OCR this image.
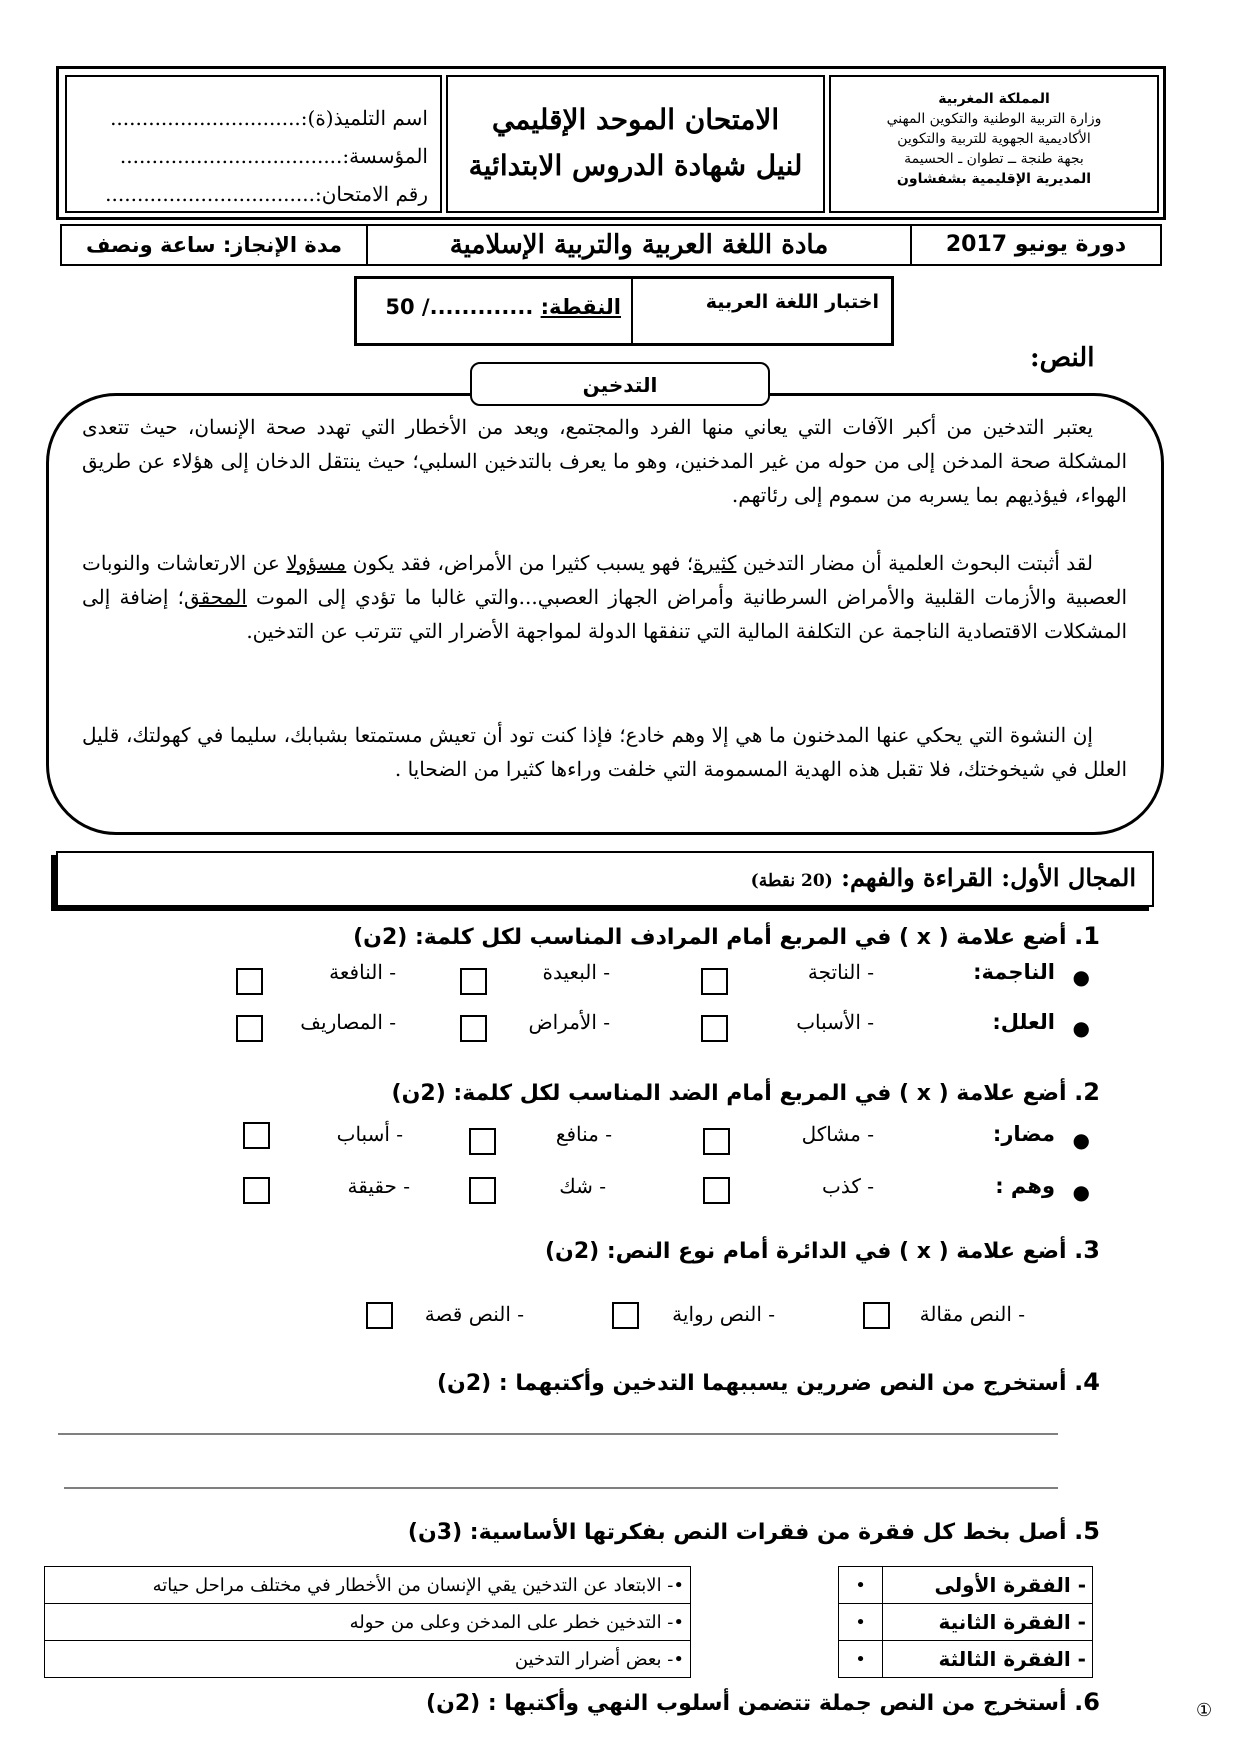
المملكة المغربية
وزارة التربية الوطنية والتكوين المهني
الأكاديمية الجهوية للتربية والتكوين
بجهة طنجة ــ تطوان ـ الحسيمة
المديرية الإقليمية بشفشاون
الامتحان الموحد الإقليمي
لنيل شهادة الدروس الابتدائية
اسم التلميذ(ة):..............................
المؤسسة:...................................
رقم الامتحان:.................................
دورة يونيو 2017
مادة اللغة العربية والتربية الإسلامية
مدة الإنجاز: ساعة ونصف
اختبار اللغة العربية
النقطة: ............./ 50
النص:
التدخين

يعتبر التدخين من أكبر الآفات التي يعاني منها الفرد والمجتمع، ويعد من الأخطار التي تهدد صحة الإنسان، حيث تتعدى المشكلة صحة المدخن إلى من حوله من غير المدخنين، وهو ما يعرف بالتدخين السلبي؛ حيث ينتقل الدخان إلى هؤلاء عن طريق الهواء، فيؤذيهم بما يسربه من سموم إلى رئاتهم.

لقد أثبتت البحوث العلمية أن مضار التدخين كثيرة؛ فهو يسبب كثيرا من الأمراض، فقد يكون مسؤولا عن الارتعاشات والنوبات العصبية والأزمات القلبية والأمراض السرطانية وأمراض الجهاز العصبي...والتي غالبا ما تؤدي إلى الموت المحقق؛ إضافة إلى المشكلات الاقتصادية الناجمة عن التكلفة المالية التي تنفقها الدولة لمواجهة الأضرار التي تترتب عن التدخين.

إن النشوة التي يحكي عنها المدخنون ما هي إلا وهم خادع؛ فإذا كنت تود أن تعيش مستمتعا بشبابك، سليما في كهولتك، قليل العلل في شيخوختك، فلا تقبل هذه الهدية المسمومة التي خلفت وراءها كثيرا من الضحايا .

المجال الأول: القراءة والفهم: (20 نقطة)
1. أضع علامة ( x ) في المربع أمام المرادف المناسب لكل كلمة: (2ن)
●
الناجمة:
- الناتجة
- البعيدة
- النافعة
●
العلل:
- الأسباب
- الأمراض
- المصاريف
2. أضع علامة ( x ) في المربع أمام الضد المناسب لكل كلمة: (2ن)
●
مضار:
- مشاكل
- منافع
- أسباب
●
وهم :
- كذب
- شك
- حقيقة
3. أضع علامة ( x ) في الدائرة أمام نوع النص: (2ن)
- النص مقالة
- النص رواية
- النص قصة
4. أستخرج من النص ضررين يسببهما التدخين وأكتبهما : (2ن)
5. أصل بخط كل فقرة من فقرات النص بفكرتها الأساسية: (3ن)
- الفقرة الأولى	•
- الفقرة الثانية	•
- الفقرة الثالثة	•
•- الابتعاد عن التدخين يقي الإنسان من الأخطار في مختلف مراحل حياته
•- التدخين خطر على المدخن وعلى من حوله
•- بعض أضرار التدخين
6. أستخرج من النص جملة تتضمن أسلوب النهي وأكتبها : (2ن)	①
